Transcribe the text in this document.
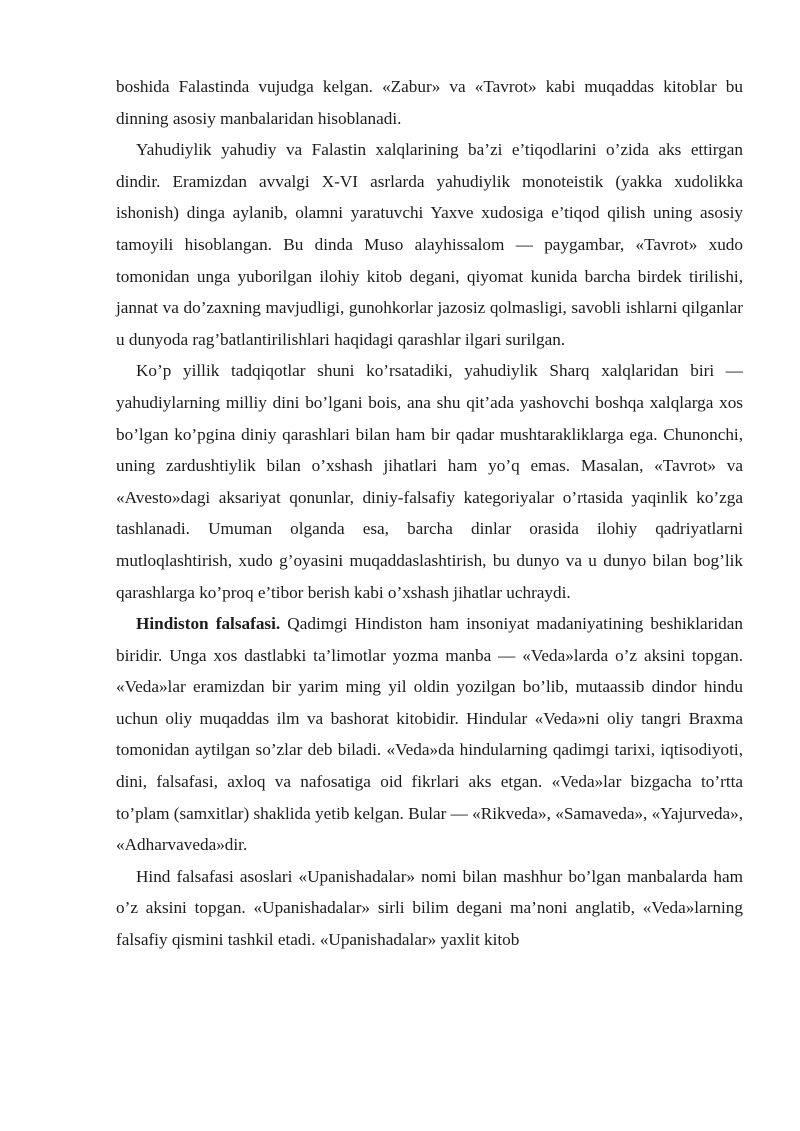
boshida Falastinda vujudga kelgan. «Zabur» va «Tavrot» kabi muqaddas kitoblar bu dinning asosiy manbalaridan hisoblanadi.

Yahudiylik yahudiy va Falastin xalqlarining ba’zi e’tiqodlarini o’zida aks ettirgan dindir. Eramizdan avvalgi X-VI asrlarda yahudiylik monoteistik (yakka xudolikka ishonish) dinga aylanib, olamni yaratuvchi Yaxve xudosiga e’tiqod qilish uning asosiy tamoyili hisoblangan. Bu dinda Muso alayhissalom — paygambar, «Tavrot» xudo tomonidan unga yuborilgan ilohiy kitob degani, qiyomat kunida barcha birdek tirilishi, jannat va do’zaxning mavjudligi, gunohkorlar jazosiz qolmasligi, savobli ishlarni qilganlar u dunyoda rag’batlantirilishlari haqidagi qarashlar ilgari surilgan.

Ko’p yillik tadqiqotlar shuni ko’rsatadiki, yahudiylik Sharq xalqlaridan biri — yahudiylarning milliy dini bo’lgani bois, ana shu qit’ada yashovchi boshqa xalqlarga xos bo’lgan ko’pgina diniy qarashlari bilan ham bir qadar mushtarakliklarga ega. Chunonchi, uning zardushtiylik bilan o’xshash jihatlari ham yo’q emas. Masalan, «Tavrot» va «Avesto»dagi aksariyat qonunlar, diniy-falsafiy kategoriyalar o’rtasida yaqinlik ko’zga tashlanadi. Umuman olganda esa, barcha dinlar orasida ilohiy qadriyatlarni mutloqlashtirish, xudo g’oyasini muqaddaslashtirish, bu dunyo va u dunyo bilan bog’lik qarashlarga ko’proq e’tibor berish kabi o’xshash jihatlar uchraydi.

Hindiston falsafasi. Qadimgi Hindiston ham insoniyat madaniyatining beshiklaridan biridir. Unga xos dastlabki ta’limotlar yozma manba — «Veda»larda o’z aksini topgan. «Veda»lar eramizdan bir yarim ming yil oldin yozilgan bo’lib, mutaassib dindor hindu uchun oliy muqaddas ilm va bashorat kitobidir. Hindular «Veda»ni oliy tangri Braxma tomonidan aytilgan so’zlar deb biladi. «Veda»da hindularning qadimgi tarixi, iqtisodiyoti, dini, falsafasi, axloq va nafosatiga oid fikrlari aks etgan. «Veda»lar bizgacha to’rtta to’plam (samxitlar) shaklida yetib kelgan. Bular — «Rikveda», «Samaveda», «Yajurveda», «Adharvaveda»dir.

Hind falsafasi asoslari «Upanishadalar» nomi bilan mashhur bo’lgan manbalarda ham o’z aksini topgan. «Upanishadalar» sirli bilim degani ma’noni anglatib, «Veda»larning falsafiy qismini tashkil etadi. «Upanishadalar» yaxlit kitob
